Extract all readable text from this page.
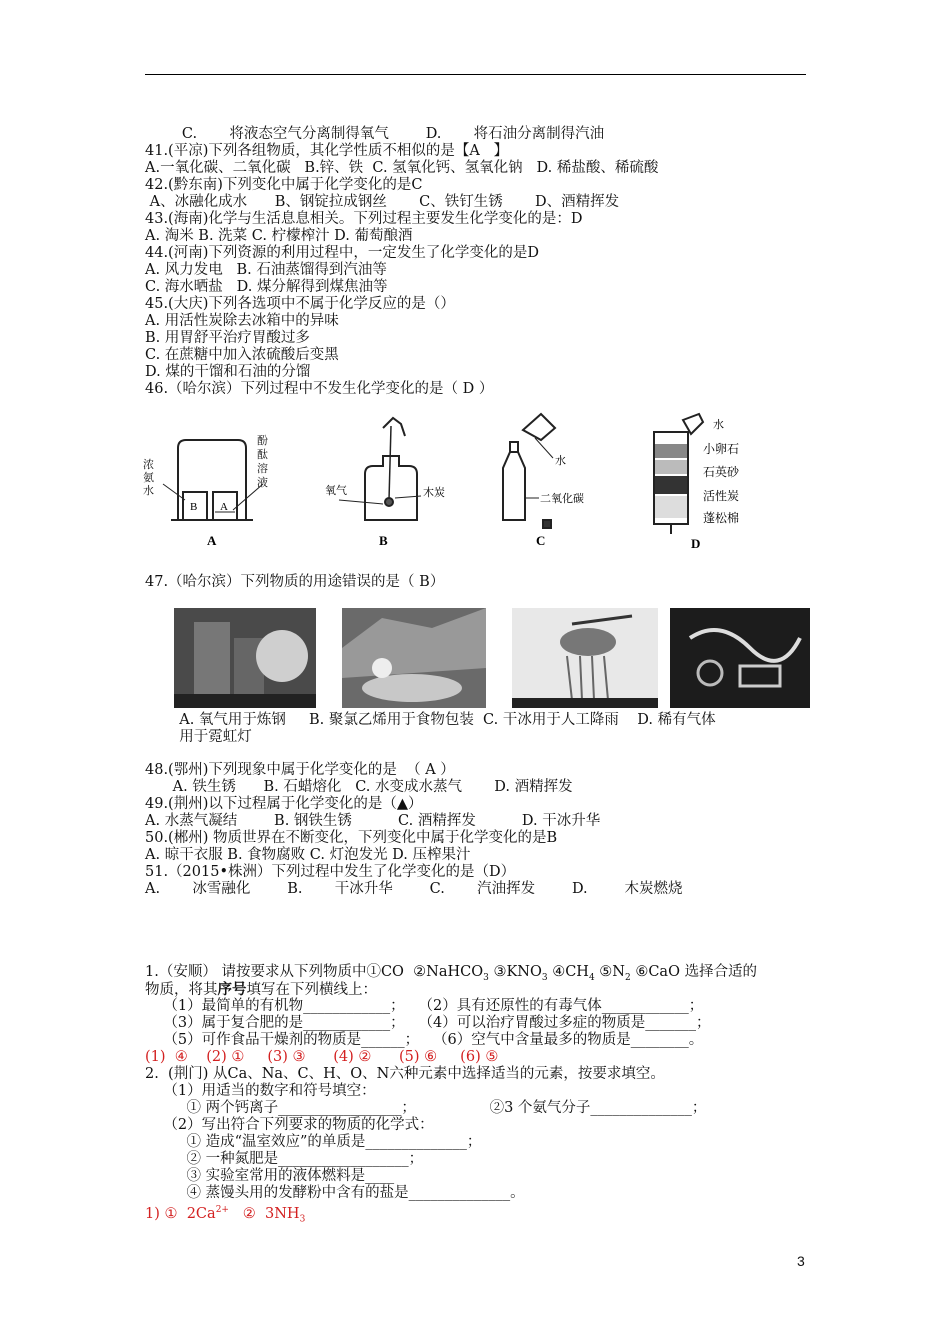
C.       将液态空气分离制得氧气        D.       将石油分离制得汽油
41.(平凉)下列各组物质，其化学性质不相似的是【A   】
A.一氧化碳、二氧化碳   B.锌、铁  C. 氢氧化钙、氢氧化钠   D. 稀盐酸、稀硫酸
42.(黔东南)下列变化中属于化学变化的是C
A、冰融化成水      B、钢锭拉成钢丝       C、铁钉生锈       D、酒精挥发
43.(海南)化学与生活息息相关。下列过程主要发生化学变化的是：D
A. 淘米 B. 洗菜 C. 柠檬榨汁 D. 葡萄酿酒
44.(河南)下列资源的利用过程中，一定发生了化学变化的是D
A. 风力发电   B. 石油蒸馏得到汽油等
C. 海水晒盐   D. 煤分解得到煤焦油等
45.(大庆)下列各选项中不属于化学反应的是（）
A. 用活性炭除去冰箱中的异味
B. 用胃舒平治疗胃酸过多
C. 在蔗糖中加入浓硫酸后变黑
D. 煤的干馏和石油的分馏
46.（哈尔滨）下列过程中不发生化学变化的是（ D ）
B A
A
氧气	木炭
B
水
二氧化碳
C
水
小卵石
石英砂
活性炭
蓬松棉
D
浓氨水
酚酞溶液
47.（哈尔滨）下列物质的用途错误的是（ B）
A. 氧气用于炼钢     B. 聚氯乙烯用于食物包装  C. 干冰用于人工降雨    D. 稀有气体
用于霓虹灯
48.(鄂州)下列现象中属于化学变化的是  （ A ）
A. 铁生锈      B. 石蜡熔化   C. 水变成水蒸气       D. 酒精挥发
49.(荆州)以下过程属于化学变化的是（▲）
A. 水蒸气凝结        B. 钢铁生锈          C. 酒精挥发          D. 干冰升华
50.(郴州) 物质世界在不断变化，下列变化中属于化学变化的是B
A. 晾干衣服 B. 食物腐败 C. 灯泡发光 D. 压榨果汁
51.（2015•株洲）下列过程中发生了化学变化的是（D）
A.       冰雪融化        B.       干冰升华        C.       汽油挥发        D.        木炭燃烧
1.（安顺） 请按要求从下列物质中①CO  ②NaHCO$_3$ $③KNO_3$ $④CH_4$ $⑤N_2$ ⑥CaO 选择合适的
物质，将其序号填写在下列横线上：
（1）最简单的有机物____________；   （2）具有还原性的有毒气体____________；
（3）属于复合肥的是____________；   （4）可以治疗胃酸过多症的物质是_______；
（5）可作食品干燥剂的物质是______；   （6）空气中含量最多的物质是________。
(1)  ④    (2) ①     (3) ③      (4) ②      (5) ⑥     (6) ⑤
2.  (荆门) 从Ca、Na、C、H、O、N六种元素中选择适当的元素，按要求填空。
（1）用适当的数字和符号填空：
① 两个钙离子_________________；                ②3 个氨气分子______________；
（2）写出符合下列要求的物质的化学式：
① 造成“温室效应”的单质是______________；
② 一种氮肥是__________________；
③ 实验室常用的液体燃料是____
④ 蒸馒头用的发酵粉中含有的盐是______________。
1) ①  $2Ca^{2+}$   ②  $3NH_3$
3
